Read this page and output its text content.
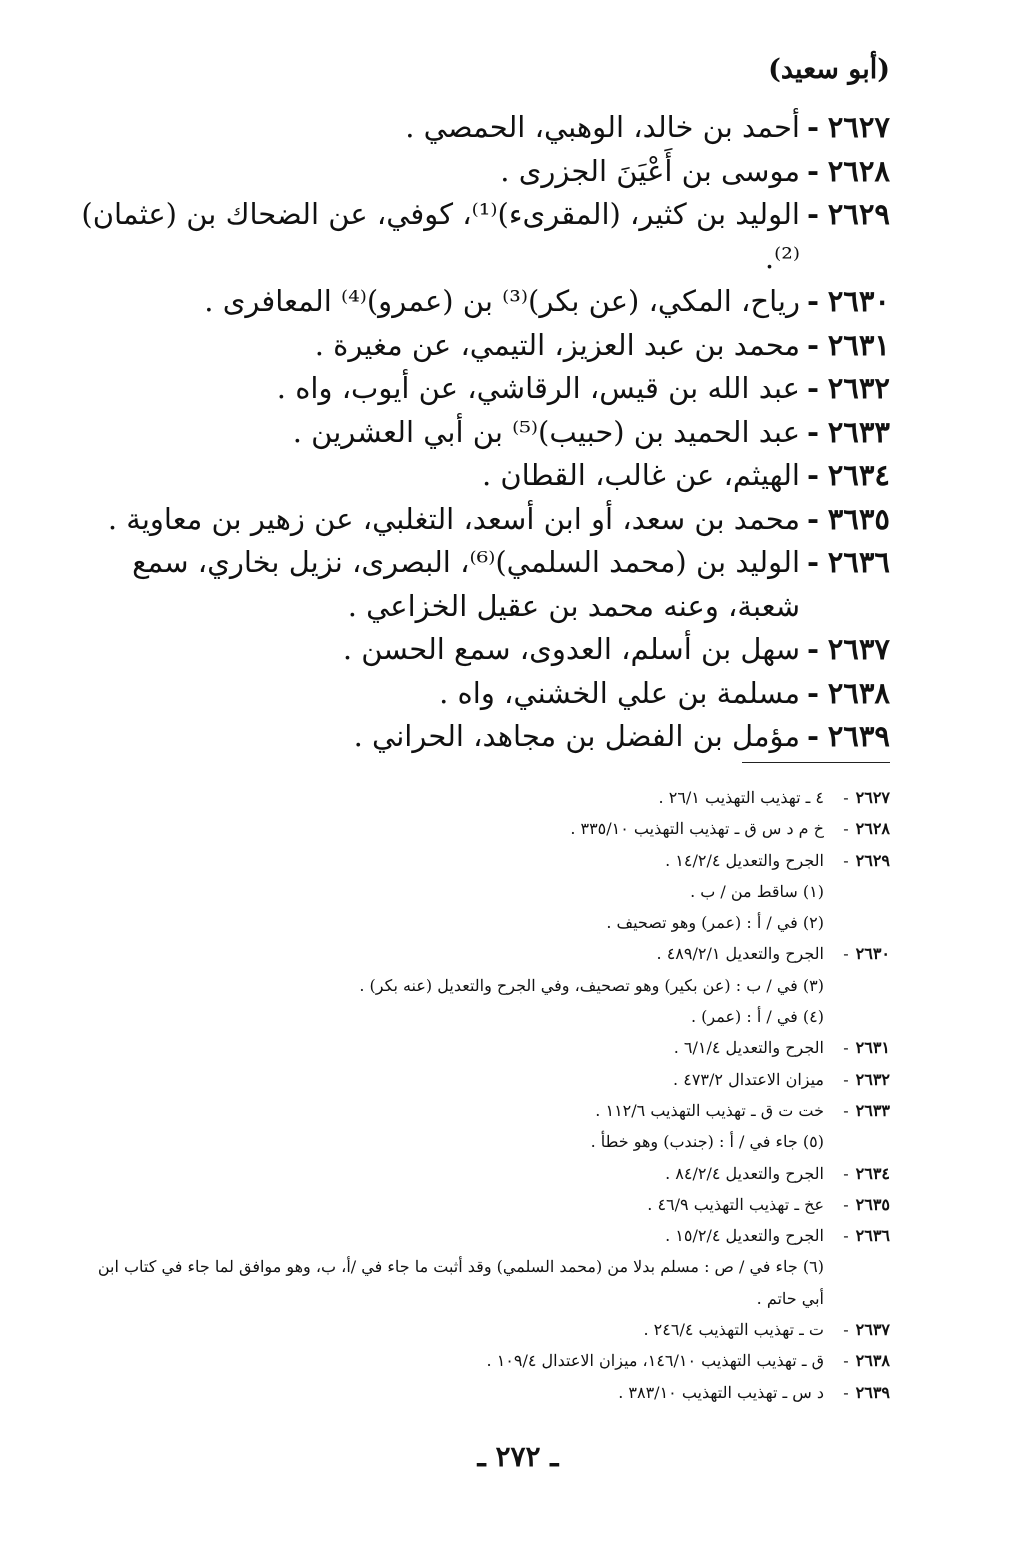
(أبو سعيد)
٢٦٢٧
-
أحمد بن خالد، الوهبي، الحمصي .
٢٦٢٨
-
موسى بن أَعْيَنَ الجزرى .
٢٦٢٩
-
الوليد بن كثير، (المقرىء)⁽¹⁾، كوفي، عن الضحاك بن (عثمان)⁽²⁾.
٢٦٣٠
-
رياح، المكي، (عن بكر)⁽³⁾ بن (عمرو)⁽⁴⁾ المعافرى .
٢٦٣١
-
محمد بن عبد العزيز، التيمي، عن مغيرة .
٢٦٣٢
-
عبد الله بن قيس، الرقاشي، عن أيوب، واه .
٢٦٣٣
-
عبد الحميد بن (حبيب)⁽⁵⁾ بن أبي العشرين .
٢٦٣٤
-
الهيثم، عن غالب، القطان .
٣٦٣٥
-
محمد بن سعد، أو ابن أسعد، التغلبي، عن زهير بن معاوية .
٢٦٣٦
-
الوليد بن (محمد السلمي)⁽⁶⁾، البصرى، نزيل بخاري، سمع شعبة، وعنه محمد بن عقيل الخزاعي .
٢٦٣٧
-
سهل بن أسلم، العدوى، سمع الحسن .
٢٦٣٨
-
مسلمة بن علي الخشني، واه .
٢٦٣٩
-
مؤمل بن الفضل بن مجاهد، الحراني .
٢٦٢٧
-
٤ ـ تهذيب التهذيب ٢٦/١ .
٢٦٢٨
-
خ م د س ق ـ تهذيب التهذيب ٣٣٥/١٠ .
٢٦٢٩
-
الجرح والتعديل ١٤/٢/٤ .
(١) ساقط من / ب .
(٢) في / أ : (عمر) وهو تصحيف .
٢٦٣٠
-
الجرح والتعديل ٤٨٩/٢/١ .
(٣) في / ب : (عن بكير) وهو تصحيف، وفي الجرح والتعديل (عنه بكر) .
(٤) في / أ : (عمر) .
٢٦٣١
-
الجرح والتعديل ٦/١/٤ .
٢٦٣٢
-
ميزان الاعتدال ٤٧٣/٢ .
٢٦٣٣
-
خت ت ق ـ تهذيب التهذيب ١١٢/٦ .
(٥) جاء في / أ : (جندب) وهو خطأ .
٢٦٣٤
-
الجرح والتعديل ٨٤/٢/٤ .
٢٦٣٥
-
عخ ـ تهذيب التهذيب ٤٦/٩ .
٢٦٣٦
-
الجرح والتعديل ١٥/٢/٤ .
(٦) جاء في / ص : مسلم بدلا من (محمد السلمي) وقد أثبت ما جاء في /أ، ب، وهو موافق لما جاء في كتاب ابن أبي حاتم .
٢٦٣٧
-
ت ـ تهذيب التهذيب ٢٤٦/٤ .
٢٦٣٨
-
ق ـ تهذيب التهذيب ١٤٦/١٠، ميزان الاعتدال ١٠٩/٤ .
٢٦٣٩
-
د س ـ تهذيب التهذيب ٣٨٣/١٠ .
ـ ٢٧٢ ـ
